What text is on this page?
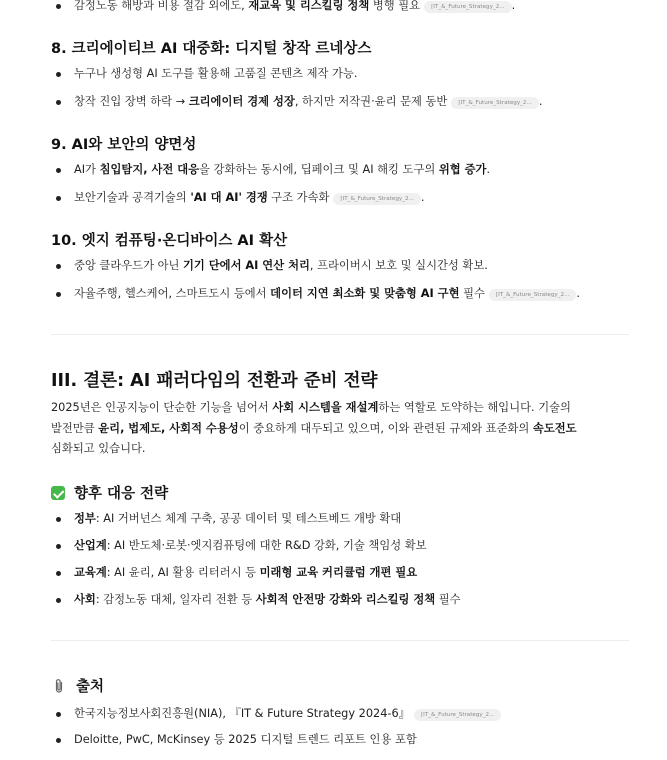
감정노동 해방과 비용 절감 외에도, 재교육 및 리스킬링 정책 병행 필요 [IT_&_Future_Strategy_2... .
8. 크리에이티브 AI 대중화: 디지털 창작 르네상스
누구나 생성형 AI 도구를 활용해 고품질 콘텐츠 제작 가능.
창작 진입 장벽 하락 → 크리에이터 경제 성장, 하지만 저작권·윤리 문제 동반 [IT_&_Future_Strategy_2... .
9. AI와 보안의 양면성
AI가 침입탐지, 사전 대응을 강화하는 동시에, 딥페이크 및 AI 해킹 도구의 위협 증가.
보안기술과 공격기술의 'AI 대 AI' 경쟁 구조 가속화 [IT_&_Future_Strategy_2... .
10. 엣지 컴퓨팅·온디바이스 AI 확산
중앙 클라우드가 아닌 기기 단에서 AI 연산 처리, 프라이버시 보호 및 실시간성 확보.
자율주행, 헬스케어, 스마트도시 등에서 데이터 지연 최소화 및 맞춤형 AI 구현 필수 [IT_&_Future_Strategy_2... .
III. 결론: AI 패러다임의 전환과 준비 전략
2025년은 인공지능이 단순한 기능을 넘어서 사회 시스템을 재설계하는 역할로 도약하는 해입니다. 기술의
발전만큼 윤리, 법제도, 사회적 수용성이 중요하게 대두되고 있으며, 이와 관련된 규제와 표준화의 속도전도
심화되고 있습니다.
향후 대응 전략
정부: AI 거버넌스 체계 구축, 공공 데이터 및 테스트베드 개방 확대
산업계: AI 반도체·로봇·엣지컴퓨팅에 대한 R&D 강화, 기술 책임성 확보
교육계: AI 윤리, AI 활용 리터러시 등 미래형 교육 커리큘럼 개편 필요
사회: 감정노동 대체, 일자리 전환 등 사회적 안전망 강화와 리스킬링 정책 필수
출처
한국지능정보사회진흥원(NIA), 『IT & Future Strategy 2024-6』 [IT_&_Future_Strategy_2...
Deloitte, PwC, McKinsey 등 2025 디지털 트렌드 리포트 인용 포함
